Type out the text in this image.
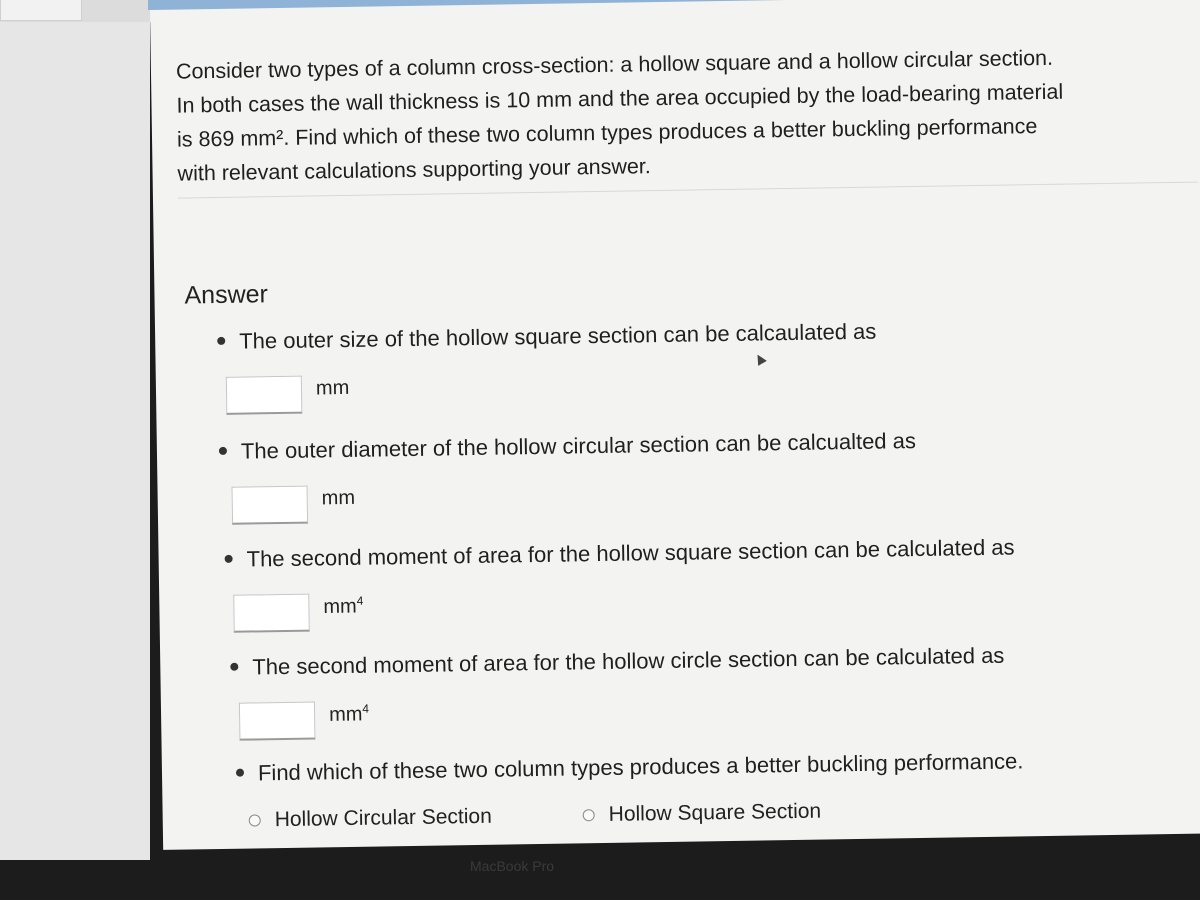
Consider two types of a column cross-section: a hollow square and a hollow circular section.
In both cases the wall thickness is 10 mm and the area occupied by the load-bearing material
is 869 mm². Find which of these two column types produces a better buckling performance
with relevant calculations supporting your answer.
Answer
The outer size of the hollow square section can be calcaulated as
mm
The outer diameter of the hollow circular section can be calcualted as
mm
The second moment of area for the hollow square section can be calculated as
$mm^4$
The second moment of area for the hollow circle section can be calculated as
$mm^4$
Find which of these two column types produces a better buckling performance.
Hollow Circular Section	Hollow Square Section
MacBook Pro
